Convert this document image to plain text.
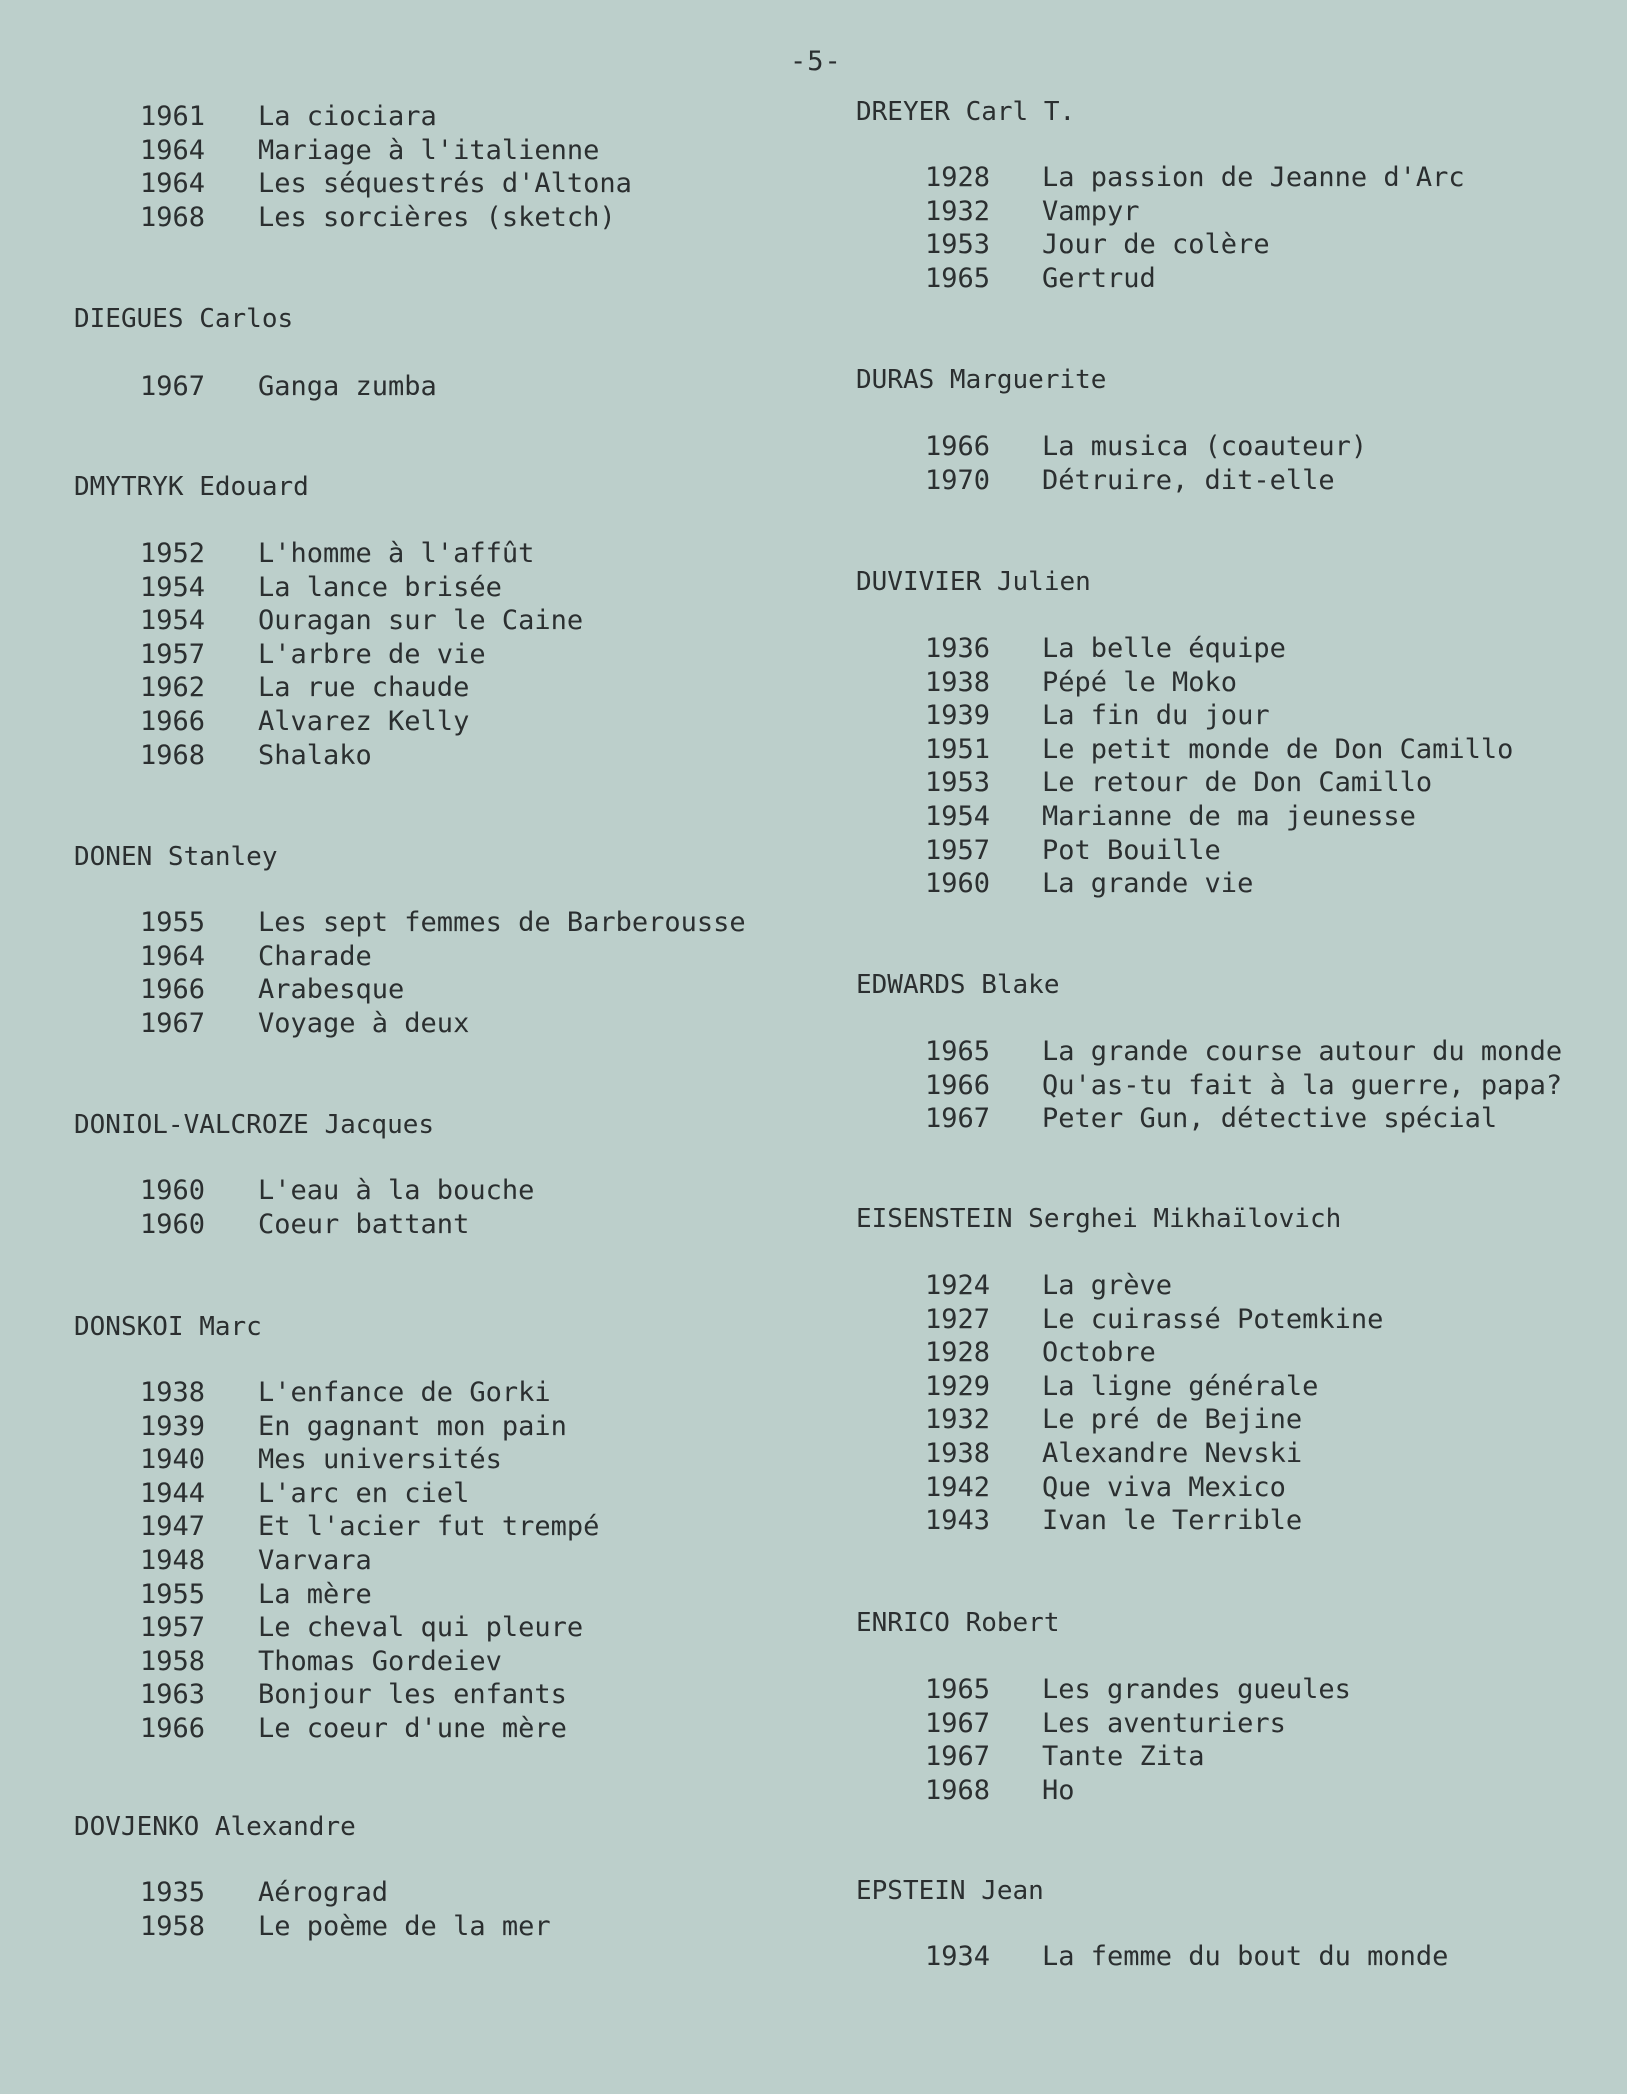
-5-
1961 La ciociara
1964 Mariage à l'italienne
1964 Les séquestrés d'Altona
1968 Les sorcières (sketch)
DIEGUES Carlos
1967 Ganga zumba
DMYTRYK Edouard
1952 L'homme à l'affût
1954 La lance brisée
1954 Ouragan sur le Caine
1957 L'arbre de vie
1962 La rue chaude
1966 Alvarez Kelly
1968 Shalako
DONEN Stanley
1955 Les sept femmes de Barberousse
1964 Charade
1966 Arabesque
1967 Voyage à deux
DONIOL-VALCROZE Jacques
1960 L'eau à la bouche
1960 Coeur battant
DONSKOI Marc
1938 L'enfance de Gorki
1939 En gagnant mon pain
1940 Mes universités
1944 L'arc en ciel
1947 Et l'acier fut trempé
1948 Varvara
1955 La mère
1957 Le cheval qui pleure
1958 Thomas Gordeiev
1963 Bonjour les enfants
1966 Le coeur d'une mère
DOVJENKO Alexandre
1935 Aérograd
1958 Le poème de la mer
DREYER Carl T.
1928 La passion de Jeanne d'Arc
1932 Vampyr
1953 Jour de colère
1965 Gertrud
DURAS Marguerite
1966 La musica (coauteur)
1970 Détruire, dit-elle
DUVIVIER Julien
1936 La belle équipe
1938 Pépé le Moko
1939 La fin du jour
1951 Le petit monde de Don Camillo
1953 Le retour de Don Camillo
1954 Marianne de ma jeunesse
1957 Pot Bouille
1960 La grande vie
EDWARDS Blake
1965 La grande course autour du monde
1966 Qu'as-tu fait à la guerre, papa?
1967 Peter Gun, détective spécial
EISENSTEIN Serghei Mikhaïlovich
1924 La grève
1927 Le cuirassé Potemkine
1928 Octobre
1929 La ligne générale
1932 Le pré de Bejine
1938 Alexandre Nevski
1942 Que viva Mexico
1943 Ivan le Terrible
ENRICO Robert
1965 Les grandes gueules
1967 Les aventuriers
1967 Tante Zita
1968 Ho
EPSTEIN Jean
1934 La femme du bout du monde
